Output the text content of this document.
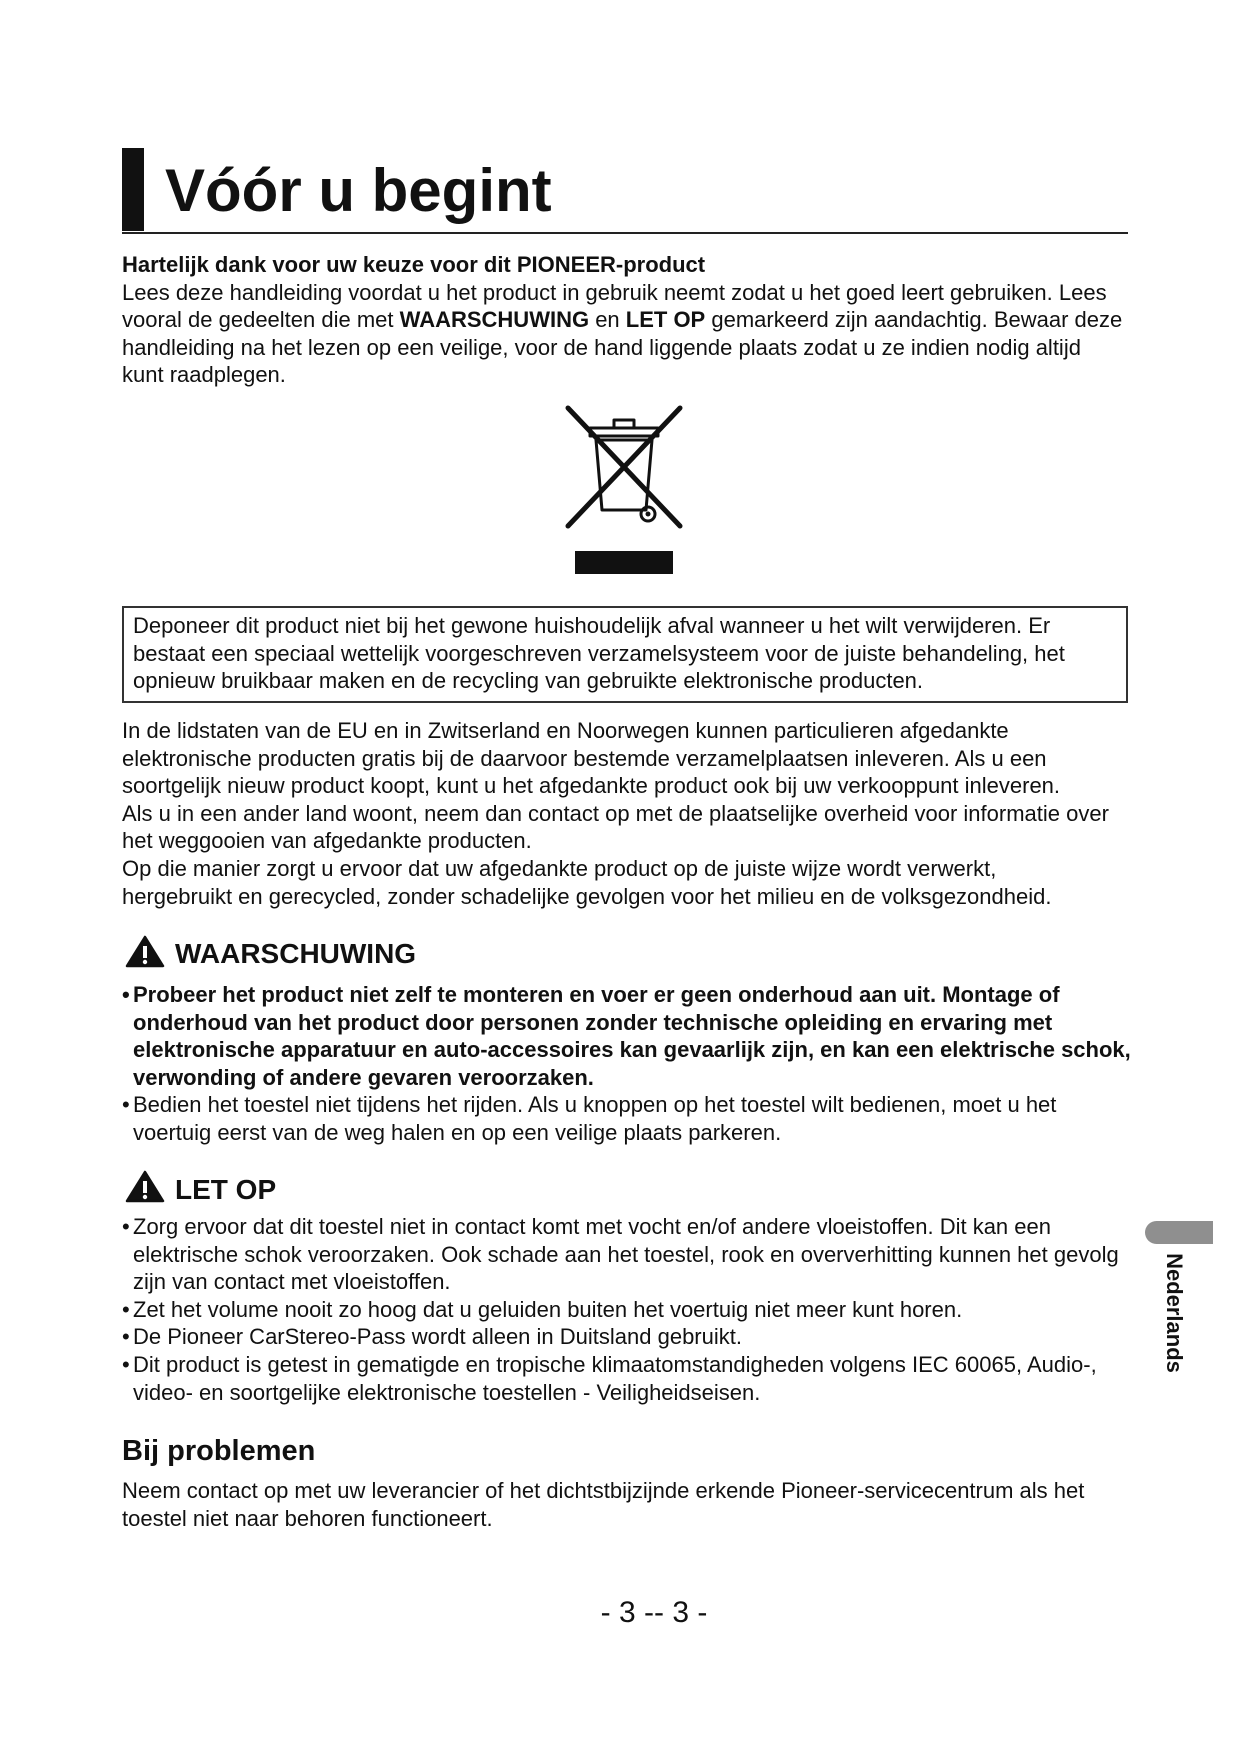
Vóór u begint
Hartelijk dank voor uw keuze voor dit PIONEER-product
Lees deze handleiding voordat u het product in gebruik neemt zodat u het goed leert gebruiken. Lees
vooral de gedeelten die met WAARSCHUWING en LET OP gemarkeerd zijn aandachtig. Bewaar deze
handleiding na het lezen op een veilige, voor de hand liggende plaats zodat u ze indien nodig altijd
kunt raadplegen.
Deponeer dit product niet bij het gewone huishoudelijk afval wanneer u het wilt verwijderen. Er
bestaat een speciaal wettelijk voorgeschreven verzamelsysteem voor de juiste behandeling, het
opnieuw bruikbaar maken en de recycling van gebruikte elektronische producten.
In de lidstaten van de EU en in Zwitserland en Noorwegen kunnen particulieren afgedankte
elektronische producten gratis bij de daarvoor bestemde verzamelplaatsen inleveren. Als u een
soortgelijk nieuw product koopt, kunt u het afgedankte product ook bij uw verkooppunt inleveren.
Als u in een ander land woont, neem dan contact op met de plaatselijke overheid voor informatie over
het weggooien van afgedankte producten.
Op die manier zorgt u ervoor dat uw afgedankte product op de juiste wijze wordt verwerkt,
hergebruikt en gerecycled, zonder schadelijke gevolgen voor het milieu en de volksgezondheid.
WAARSCHUWING
• Probeer het product niet zelf te monteren en voer er geen onderhoud aan uit. Montage of
onderhoud van het product door personen zonder technische opleiding en ervaring met
elektronische apparatuur en auto-accessoires kan gevaarlijk zijn, en kan een elektrische schok,
verwonding of andere gevaren veroorzaken.
• Bedien het toestel niet tijdens het rijden. Als u knoppen op het toestel wilt bedienen, moet u het
voertuig eerst van de weg halen en op een veilige plaats parkeren.
LET OP
• Zorg ervoor dat dit toestel niet in contact komt met vocht en/of andere vloeistoffen. Dit kan een
elektrische schok veroorzaken. Ook schade aan het toestel, rook en oververhitting kunnen het gevolg
zijn van contact met vloeistoffen.
• Zet het volume nooit zo hoog dat u geluiden buiten het voertuig niet meer kunt horen.
• De Pioneer CarStereo-Pass wordt alleen in Duitsland gebruikt.
• Dit product is getest in gematigde en tropische klimaatomstandigheden volgens IEC 60065, Audio-,
video- en soortgelijke elektronische toestellen - Veiligheidseisen.
Bij problemen
Neem contact op met uw leverancier of het dichtstbijzijnde erkende Pioneer-servicecentrum als het
toestel niet naar behoren functioneert.
- 3 -- 3 -
Nederlands
